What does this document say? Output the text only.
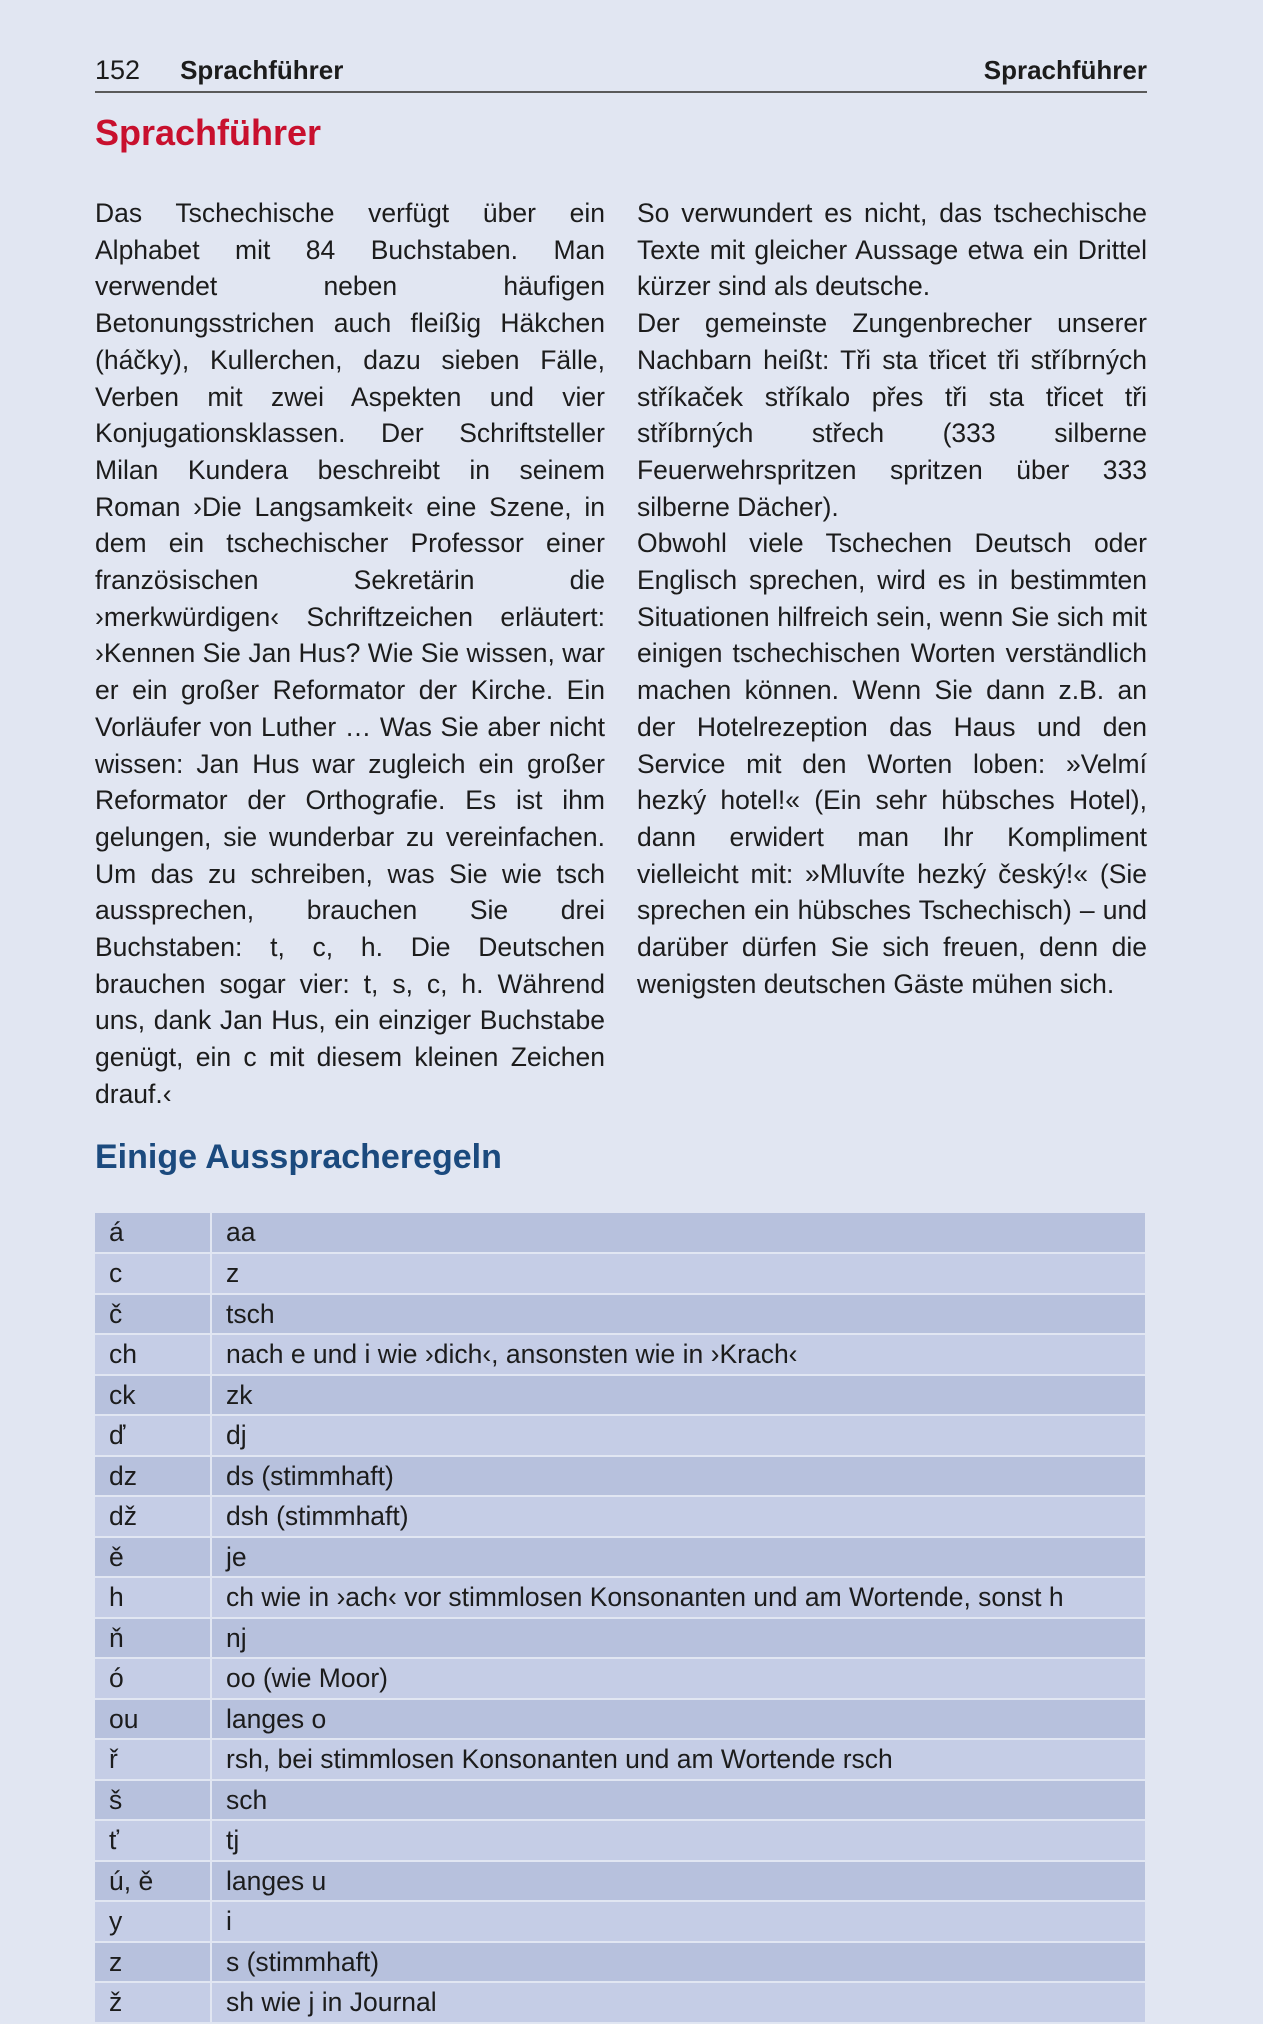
152 Sprachführer	Sprachführer
Sprachführer

Das Tschechische verfügt über ein Alphabet mit 84 Buchstaben. Man verwendet neben häufigen Betonungsstrichen auch fleißig Häkchen (háčky), Kullerchen, dazu sieben Fälle, Verben mit zwei Aspekten und vier Konjugationsklassen. Der Schriftsteller Milan Kundera beschreibt in seinem Roman ›Die Langsamkeit‹ eine Szene, in dem ein tschechischer Professor einer französischen Sekretärin die ›merkwürdigen‹ Schriftzeichen erläutert: ›Kennen Sie Jan Hus? Wie Sie wissen, war er ein großer Reformator der Kirche. Ein Vorläufer von Luther … Was Sie aber nicht wissen: Jan Hus war zugleich ein großer Reformator der Orthografie. Es ist ihm gelungen, sie wunderbar zu vereinfachen. Um das zu schreiben, was Sie wie tsch aussprechen, brauchen Sie drei Buchstaben: t, c, h. Die Deutschen brauchen sogar vier: t, s, c, h. Während uns, dank Jan Hus, ein einziger Buchstabe genügt, ein c mit diesem kleinen Zeichen drauf.‹

So verwundert es nicht, das tschechische Texte mit gleicher Aussage etwa ein Drittel kürzer sind als deutsche.

Der gemeinste Zungenbrecher unserer Nachbarn heißt: Tři sta třicet tři stříbrných stříkaček stříkalo přes tři sta třicet tři stříbrných střech (333 silberne Feuerwehrspritzen spritzen über 333 silberne Dächer).

Obwohl viele Tschechen Deutsch oder Englisch sprechen, wird es in bestimmten Situationen hilfreich sein, wenn Sie sich mit einigen tschechischen Worten verständlich machen können. Wenn Sie dann z.B. an der Hotelrezeption das Haus und den Service mit den Worten loben: »Velmí hezký hotel!« (Ein sehr hübsches Hotel), dann erwidert man Ihr Kompliment vielleicht mit: »Mluvíte hezký český!« (Sie sprechen ein hübsches Tschechisch) – und darüber dürfen Sie sich freuen, denn die wenigsten deutschen Gäste mühen sich.

Einige Ausspracheregeln
á	aa
c	z
č	tsch
ch	nach e und i wie ›dich‹, ansonsten wie in ›Krach‹
ck	zk
ď	dj
dz	ds (stimmhaft)
dž	dsh (stimmhaft)
ě	je
h	ch wie in ›ach‹ vor stimmlosen Konsonanten und am Wortende, sonst h
ň	nj
ó	oo (wie Moor)
ou	langes o
ř	rsh, bei stimmlosen Konsonanten und am Wortende rsch
š	sch
ť	tj
ú, ě	langes u
y	i
z	s (stimmhaft)
ž	sh wie j in Journal
